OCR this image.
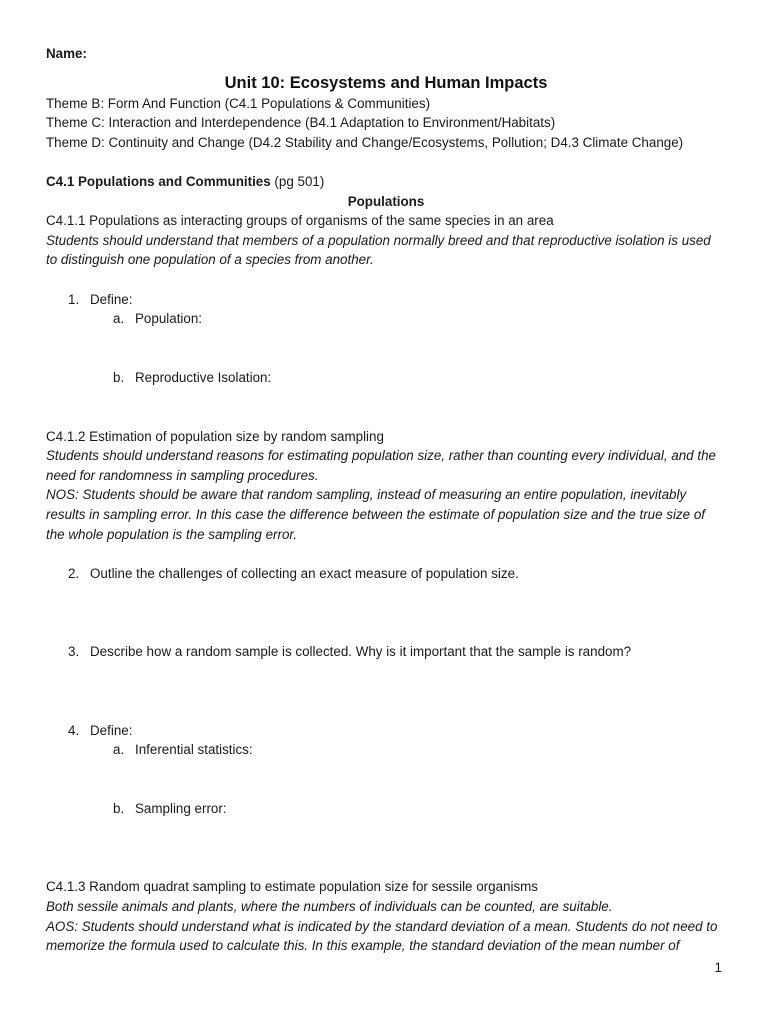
Name:

Unit 10: Ecosystems and Human Impacts

Theme B: Form And Function (C4.1 Populations & Communities)

Theme C: Interaction and Interdependence (B4.1 Adaptation to Environment/Habitats)

Theme D: Continuity and Change (D4.2 Stability and Change/Ecosystems, Pollution; D4.3 Climate Change)

C4.1 Populations and Communities (pg 501)

Populations

C4.1.1 Populations as interacting groups of organisms of the same species in an area

Students should understand that members of a population normally breed and that reproductive isolation is used

to distinguish one population of a species from another.

1. Define:

a. Population:

b. Reproductive Isolation:

C4.1.2 Estimation of population size by random sampling

Students should understand reasons for estimating population size, rather than counting every individual, and the

need for randomness in sampling procedures.

NOS: Students should be aware that random sampling, instead of measuring an entire population, inevitably

results in sampling error. In this case the difference between the estimate of population size and the true size of

the whole population is the sampling error.

2. Outline the challenges of collecting an exact measure of population size.

3. Describe how a random sample is collected. Why is it important that the sample is random?

4. Define:

a. Inferential statistics:

b. Sampling error:

C4.1.3 Random quadrat sampling to estimate population size for sessile organisms

Both sessile animals and plants, where the numbers of individuals can be counted, are suitable.

AOS: Students should understand what is indicated by the standard deviation of a mean. Students do not need to

memorize the formula used to calculate this. In this example, the standard deviation of the mean number of

1
